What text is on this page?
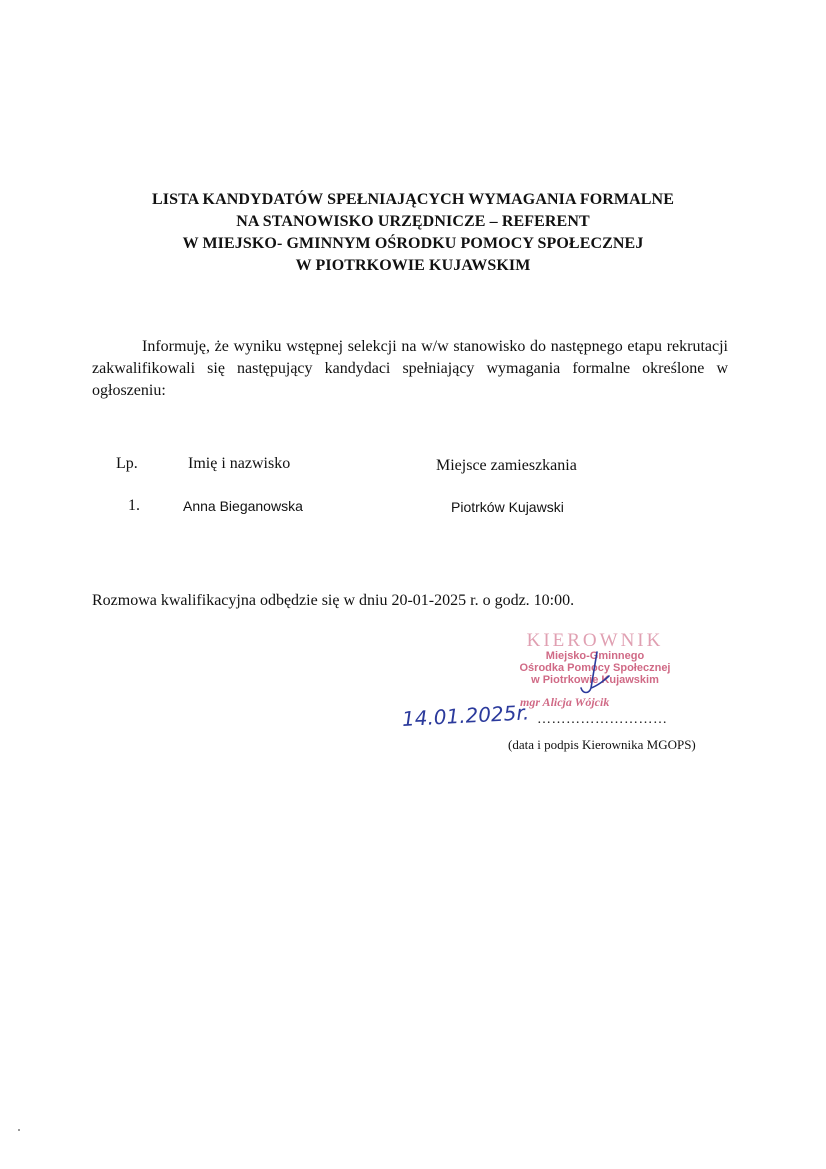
LISTA KANDYDATÓW SPEŁNIAJĄCYCH WYMAGANIA FORMALNE
NA STANOWISKO URZĘDNICZE – REFERENT
W MIEJSKO- GMINNYM OŚRODKU POMOCY SPOŁECZNEJ
W PIOTRKOWIE KUJAWSKIM
Informuję, że wyniku wstępnej selekcji na w/w stanowisko do następnego etapu rekrutacji zakwalifikowali się następujący kandydaci spełniający wymagania formalne określone w ogłoszeniu:
Lp.	Imię i nazwisko	Miejsce zamieszkania
1.	Anna Bieganowska	Piotrków Kujawski
Rozmowa kwalifikacyjna odbędzie się w dniu 20-01-2025 r. o godz. 10:00.
KIEROWNIK
Miejsko-Gminnego
Ośrodka Pomocy Społecznej
w Piotrkowie Kujawskim
mgr Alicja Wójcik
14.01.2025r. ………………………
(data i podpis Kierownika MGOPS)
